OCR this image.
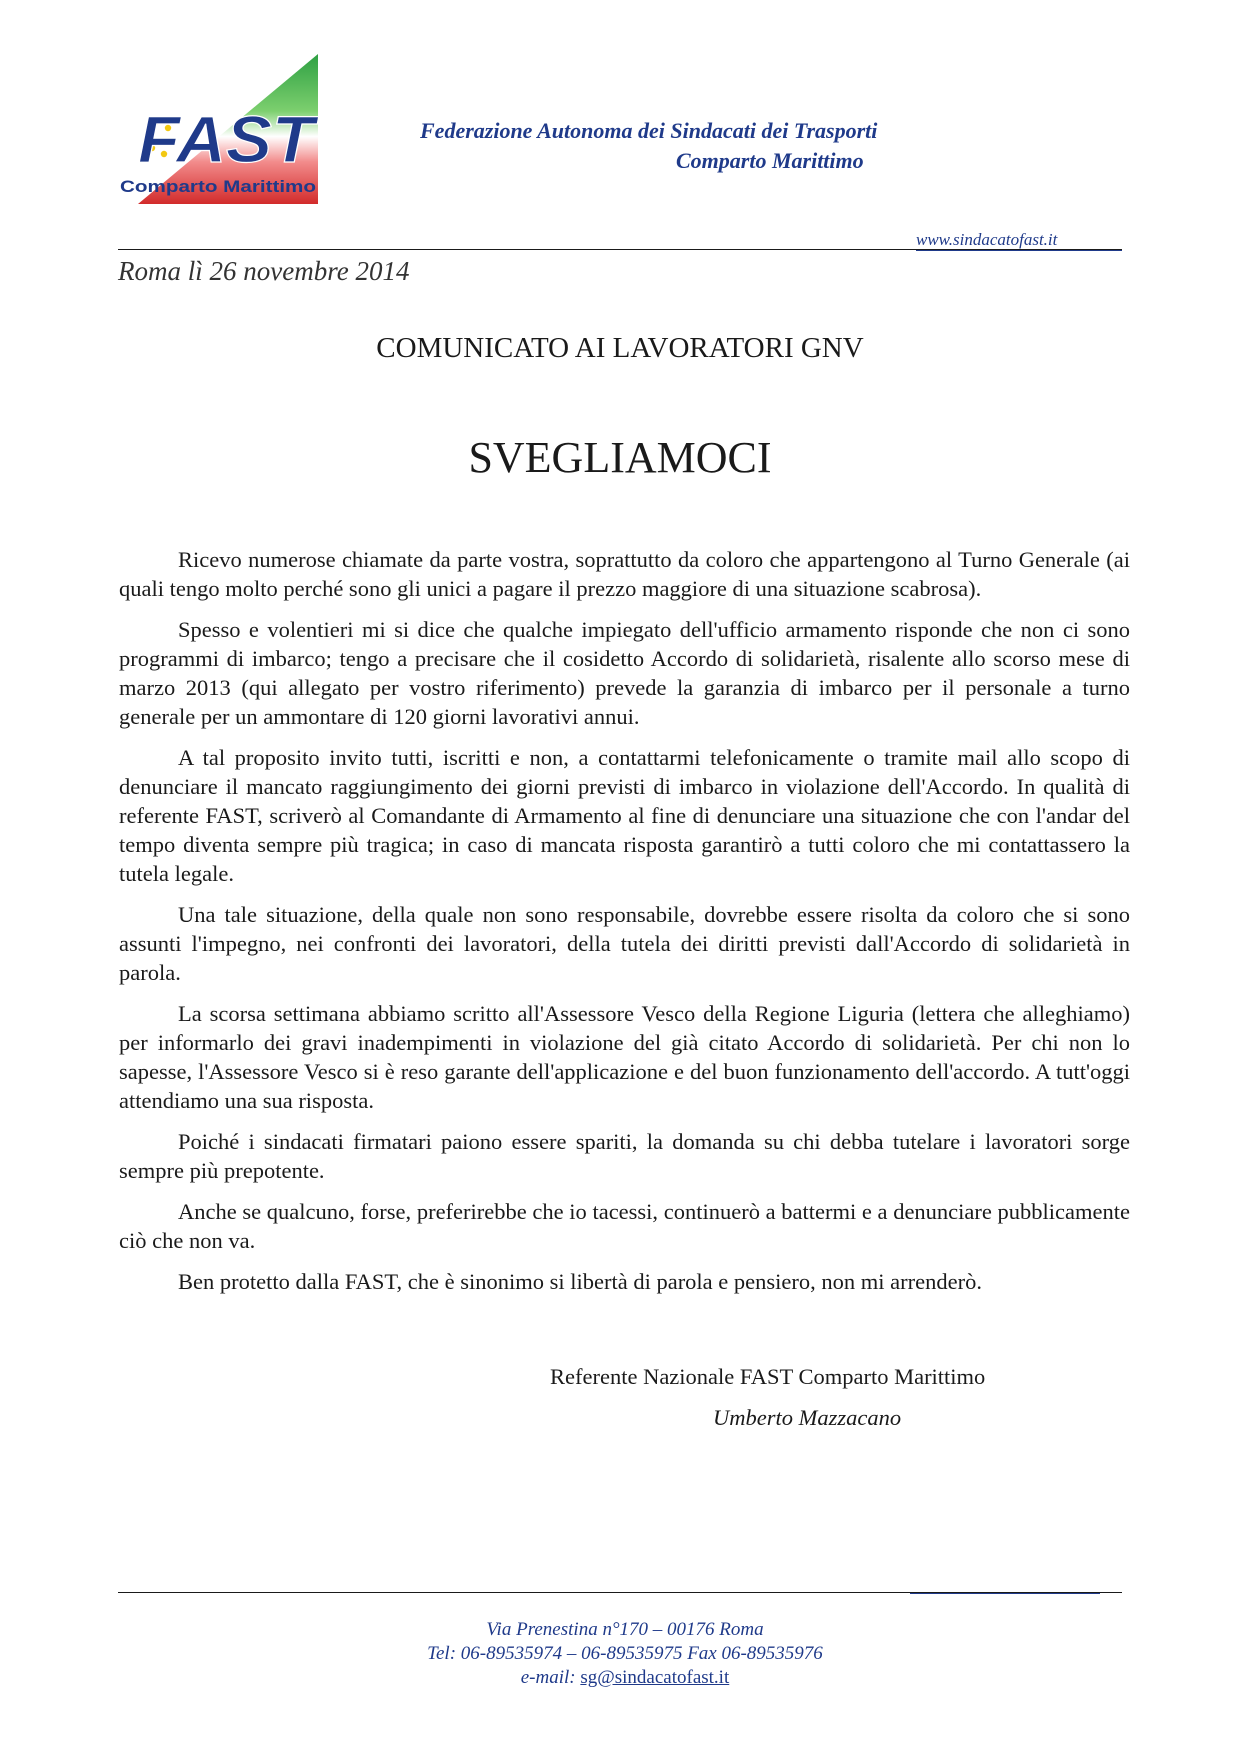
FAST
Comparto Marittimo
Federazione Autonoma dei Sindacati dei Trasporti
Comparto Marittimo
www.sindacatofast.it
Roma lì 26 novembre 2014
COMUNICATO AI LAVORATORI GNV
SVEGLIAMOCI

Ricevo numerose chiamate da parte vostra, soprattutto da coloro che appartengono al Turno Generale (ai quali tengo molto perché sono gli unici a pagare il prezzo maggiore di una situazione scabrosa).

Spesso e volentieri mi si dice che qualche impiegato dell'ufficio armamento risponde che non ci sono programmi di imbarco; tengo a precisare che il cosidetto Accordo di solidarietà, risalente allo scorso mese di marzo 2013 (qui allegato per vostro riferimento) prevede la garanzia di imbarco per il personale a turno generale per un ammontare di 120 giorni lavorativi annui.

A tal proposito invito tutti, iscritti e non, a contattarmi telefonicamente o tramite mail allo scopo di denunciare il mancato raggiungimento dei giorni previsti di imbarco in violazione dell'Accordo. In qualità di referente FAST, scriverò al Comandante di Armamento al fine di denunciare una situazione che con l'andar del tempo diventa sempre più tragica; in caso di mancata risposta garantirò a tutti coloro che mi contattassero la tutela legale.

Una tale situazione, della quale non sono responsabile, dovrebbe essere risolta da coloro che si sono assunti l'impegno, nei confronti dei lavoratori, della tutela dei diritti previsti dall'Accordo di solidarietà in parola.

La scorsa settimana abbiamo scritto all'Assessore Vesco della Regione Liguria (lettera che alleghiamo) per informarlo dei gravi inadempimenti in violazione del già citato Accordo di solidarietà. Per chi non lo sapesse, l'Assessore Vesco si è reso garante dell'applicazione e del buon funzionamento dell'accordo. A tutt'oggi attendiamo una sua risposta.

Poiché i sindacati firmatari paiono essere spariti, la domanda su chi debba tutelare i lavoratori sorge sempre più prepotente.

Anche se qualcuno, forse, preferirebbe che io tacessi, continuerò a battermi e a denunciare pubblicamente ciò che non va.

Ben protetto dalla FAST, che è sinonimo si libertà di parola e pensiero, non mi arrenderò.

Referente Nazionale FAST Comparto Marittimo
Umberto Mazzacano
Via Prenestina n°170 – 00176 Roma
Tel: 06-89535974 – 06-89535975 Fax 06-89535976
e-mail: sg@sindacatofast.it
